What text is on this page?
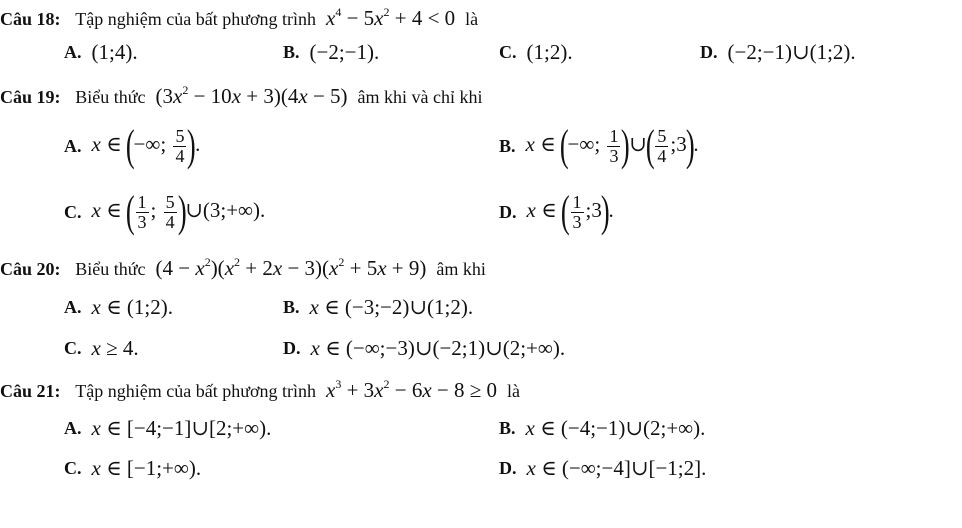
Câu 18: Tập nghiệm của bất phương trình $x^4 - 5x^2 + 4 < 0$  là
A. (1;4).	B. (−2;−1).	C. (1;2).	D. (−2;−1)∪(1;2).
Câu 19: Biểu thức  $(3x^2 - 10x + 3)(4x - 5)$  âm khi và chỉ khi
A. x ∈ (−∞; $\frac{5}{4}$ ).	B. x ∈ (−∞; $\frac{1}{3}$ )∪( $\frac{5}{4}$ ;3).
C. x ∈ ( $\frac{1}{3}$ ; $\frac{5}{4}$ )∪(3;+∞).	D. x ∈ ( $\frac{1}{3}$ ;3).
Câu 20: Biểu thức  $(4 - x^2)(x^2 + 2x - 3)(x^2 + 5x + 9)$  âm khi
A. x ∈ (1;2).	B. x ∈ (−3;−2)∪(1;2).
C. x ≥ 4.	D. x ∈ (−∞;−3)∪(−2;1)∪(2;+∞).
Câu 21: Tập nghiệm của bất phương trình $x^3 + 3x^2 - 6x - 8 \ge 0$  là
A. x ∈ [−4;−1]∪[2;+∞).	B. x ∈ (−4;−1)∪(2;+∞).
C. x ∈ [−1;+∞).	D. x ∈ (−∞;−4]∪[−1;2].
